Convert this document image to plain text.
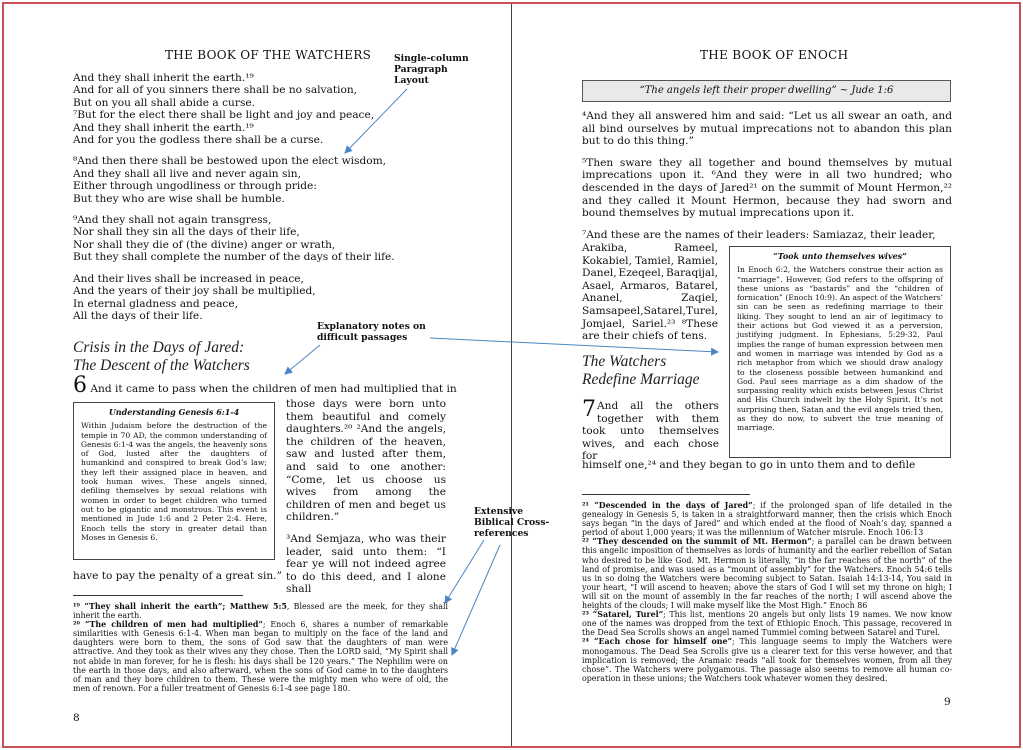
THE BOOK OF THE WATCHERS
And they shall inherit the earth.¹⁹
And for all of you sinners there shall be no salvation,
But on you all shall abide a curse.
⁷But for the elect there shall be light and joy and peace,
And they shall inherit the earth.¹⁹
And for you the godless there shall be a curse.
⁸And then there shall be bestowed upon the elect wisdom,
And they shall all live and never again sin,
Either through ungodliness or through pride:
But they who are wise shall be humble.
⁹And they shall not again transgress,
Nor shall they sin all the days of their life,
Nor shall they die of (the divine) anger or wrath,
But they shall complete the number of the days of their life.
And their lives shall be increased in peace,
And the years of their joy shall be multiplied,
In eternal gladness and peace,
All the days of their life.
Crisis in the Days of Jared:
The Descent of the Watchers
6 And it came to pass when the children of men had multiplied that in
Understanding Genesis 6:1-4
Within Judaism before the destruction of the temple in 70 AD, the common understanding of Genesis 6:1-4 was the angels, the heavenly sons of God, lusted after the daughters of humankind and conspired to break God’s law; they left their assigned place in heaven, and took human wives. These angels sinned, defiling themselves by sexual relations with women in order to beget children who turned out to be gigantic and monstrous. This event is mentioned in Jude 1:6 and 2 Peter 2:4. Here, Enoch tells the story in greater detail than Moses in Genesis 6.
those days were born unto them beautiful and comely daughters.²⁰ ²And the angels, the children of the heaven, saw and lusted after them, and said to one another: “Come, let us choose us wives from among the children of men and beget us children.”
³And Semjaza, who was their leader, said unto them: “I fear ye will not indeed agree to do this deed, and I alone shall
have to pay the penalty of a great sin.”

¹⁹ “They shall inherit the earth”; Matthew 5:5, Blessed are the meek, for they shall inherit the earth.

²⁰ “The children of men had multiplied”; Enoch 6, shares a number of remarkable similarities with Genesis 6:1-4. When man began to multiply on the face of the land and daughters were born to them, the sons of God saw that the daughters of man were attractive. And they took as their wives any they chose. Then the LORD said, “My Spirit shall not abide in man forever, for he is flesh: his days shall be 120 years.” The Nephilim were on the earth in those days, and also afterward, when the sons of God came in to the daughters of man and they bore children to them. These were the mighty men who were of old, the men of renown. For a fuller treatment of Genesis 6:1-4 see page 180.

8
THE BOOK OF ENOCH
“The angels left their proper dwelling” ~ Jude 1:6
⁴And they all answered him and said: “Let us all swear an oath, and all bind ourselves by mutual imprecations not to abandon this plan but to do this thing.”
⁵Then sware they all together and bound themselves by mutual imprecations upon it. ⁶And they were in all two hundred; who descended in the days of Jared²¹ on the summit of Mount Hermon,²² and they called it Mount Hermon, because they had sworn and bound themselves by mutual imprecations upon it.
⁷And these are the names of their leaders: Samiazaz, their leader,
Arakiba,	Rameel,
Kokabiel, Tamiel, Ramiel,
Danel, Ezeqeel, Baraqijal,
Asael, Armaros, Batarel,
Ananel,	Zaqiel,
Samsapeel, Satarel, Turel,
Jomjael, Sariel.²³ ⁸These
are their chiefs of tens.
“Took unto themselves wives”
In Enoch 6:2, the Watchers construe their action as “marriage”. However, God refers to the offspring of these unions as “bastards” and the “children of fornication” (Enoch 10:9). An aspect of the Watchers’ sin can be seen as redefining marriage to their liking. They sought to lend an air of legitimacy to their actions but God viewed it as a perversion, justifying judgment. In Ephesians, 5:29-32, Paul implies the range of human expression between men and women in marriage was intended by God as a rich metaphor from which we should draw analogy to the closeness possible between humankind and God. Paul sees marriage as a dim shadow of the surpassing reality which exists between Jesus Christ and His Church indwelt by the Holy Spirit. It’s not surprising then, Satan and the evil angels tried then, as they do now, to subvert the true meaning of marriage.
The Watchers
Redefine Marriage
7 And all the others together with them took unto themselves wives, and each chose for
himself one,²⁴ and they began to go in unto them and to defile

²¹ “Descended in the days of Jared”; if the prolonged span of life detailed in the genealogy in Genesis 5, is taken in a straightforward manner, then the crisis which Enoch says began “in the days of Jared” and which ended at the flood of Noah’s day, spanned a period of about 1,000 years; it was the millennium of Watcher misrule. Enoch 106:13

²² “They descended on the summit of Mt. Hermon”; a parallel can be drawn between this angelic imposition of themselves as lords of humanity and the earlier rebellion of Satan who desired to be like God. Mt. Hermon is literally, “in the far reaches of the north” of the land of promise, and was used as a “mount of assembly” for the Watchers. Enoch 54:6 tells us in so doing the Watchers were becoming subject to Satan. Isaiah 14:13-14, You said in your heart, “I will ascend to heaven; above the stars of God I will set my throne on high; I will sit on the mount of assembly in the far reaches of the north; I will ascend above the heights of the clouds; I will make myself like the Most High.” Enoch 86

²³ “Satarel, Turel”; This list, mentions 20 angels but only lists 19 names. We now know one of the names was dropped from the text of Ethiopic Enoch. This passage, recovered in the Dead Sea Scrolls shows an angel named Tummiel coming between Satarel and Turel.

²⁴ “Each chose for himself one”; This language seems to imply the Watchers were monogamous. The Dead Sea Scrolls give us a clearer text for this verse however, and that implication is removed; the Aramaic reads “all took for themselves women, from all they chose”. The Watchers were polygamous. The passage also seems to remove all human co-operation in these unions; the Watchers took whatever women they desired.

9
Single-column Paragraph Layout
Explanatory notes on difficult passages
Extensive Biblical Cross-references
